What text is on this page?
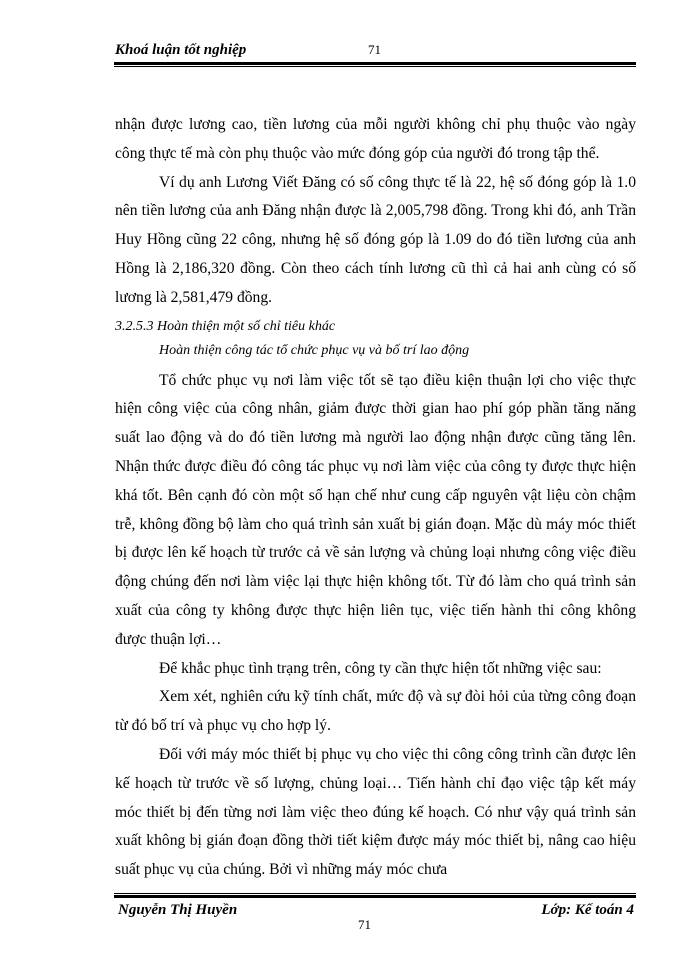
Khoá luận tốt nghiệp	71

nhận được lương cao, tiền lương của mỗi người không chỉ phụ thuộc vào ngày công thực tế mà còn phụ thuộc vào mức đóng góp của người đó trong tập thể.

Ví dụ anh Lương Viết Đăng có số công thực tế là 22, hệ số đóng góp là 1.0 nên tiền lương của anh Đăng nhận được là 2,005,798 đồng. Trong khi đó, anh Trần Huy Hồng cũng 22 công, nhưng hệ số đóng góp là 1.09 do đó tiền lương của anh Hồng là 2,186,320 đồng. Còn theo cách tính lương cũ thì cả hai anh cùng có số lương là 2,581,479 đồng.

3.2.5.3 Hoàn thiện một số chỉ tiêu khác

Hoàn thiện công tác tổ chức phục vụ và bố trí lao động

Tổ chức phục vụ nơi làm việc tốt sẽ tạo điều kiện thuận lợi cho việc thực hiện công việc của công nhân, giảm được thời gian hao phí góp phần tăng năng suất lao động và do đó tiền lương mà người lao động nhận được cũng tăng lên. Nhận thức được điều đó công tác phục vụ nơi làm việc của công ty được thực hiện khá tốt. Bên cạnh đó còn một số hạn chế như cung cấp nguyên vật liệu còn chậm trễ, không đồng bộ làm cho quá trình sản xuất bị gián đoạn. Mặc dù máy móc thiết bị được lên kế hoạch từ trước cả về sản lượng và chủng loại nhưng công việc điều động chúng đến nơi làm việc lại thực hiện không tốt. Từ đó làm cho quá trình sản xuất của công ty không được thực hiện liên tục, việc tiến hành thi công không được thuận lợi…

Để khắc phục tình trạng trên, công ty cần thực hiện tốt những việc sau:

Xem xét, nghiên cứu kỹ tính chất, mức độ và sự đòi hỏi của từng công đoạn từ đó bố trí và phục vụ cho hợp lý.

Đối với máy móc thiết bị phục vụ cho việc thi công công trình cần được lên kế hoạch từ trước về số lượng, chủng loại… Tiến hành chỉ đạo việc tập kết máy móc thiết bị đến từng nơi làm việc theo đúng kế hoạch. Có như vậy quá trình sản xuất không bị gián đoạn đồng thời tiết kiệm được máy móc thiết bị, nâng cao hiệu suất phục vụ của chúng. Bởi vì những máy móc chưa

Nguyễn Thị Huyền	Lớp: Kế toán 4
71
